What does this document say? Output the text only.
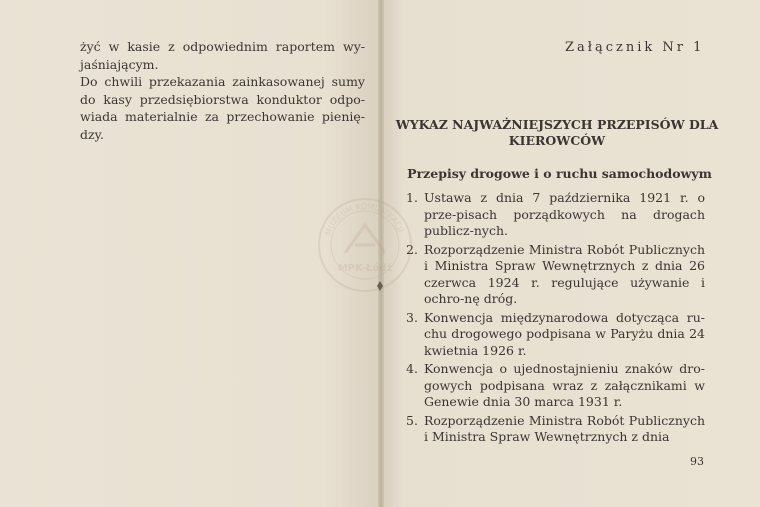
żyć w kasie z odpowiednim raportem wy-jaśniającym.

Do chwili przekazania zainkasowanej sumy do kasy przedsiębiorstwa konduktor odpo-wiada materialnie za przechowanie pienię-dzy.

Załącznik Nr 1
WYKAZ NAJWAŻNIEJSZYCH PRZEPISÓW DLA KIEROWCÓW
Przepisy drogowe i o ruchu samochodowym
1. Ustawa z dnia 7 października 1921 r. o prze-pisach porządkowych na drogach publicz-nych.
2. Rozporządzenie Ministra Robót Publicznych i Ministra Spraw Wewnętrznych z dnia 26 czerwca 1924 r. regulujące używanie i ochro-nę dróg.
3. Konwencja międzynarodowa dotycząca ru-chu drogowego podpisana w Paryżu dnia 24 kwietnia 1926 r.
4. Konwencja o ujednostajnieniu znaków dro-gowych podpisana wraz z załącznikami w Genewie dnia 30 marca 1931 r.
5. Rozporządzenie Ministra Robót Publicznych i Ministra Spraw Wewnętrznych z dnia
93
MUZEUM KOMUNIKACJI
MPK-Łódź
